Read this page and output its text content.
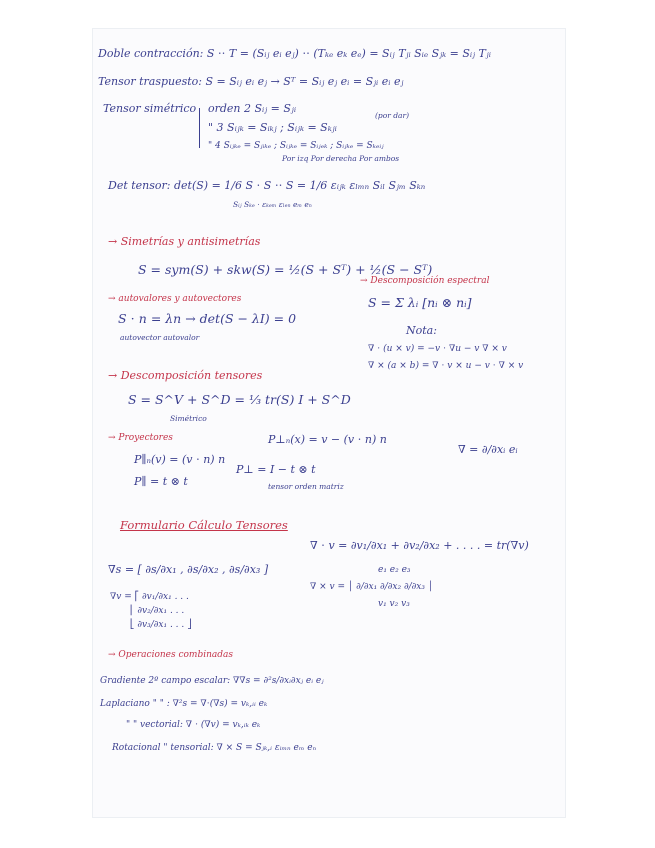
Doble contracción: S ⋅⋅ T = (Sᵢⱼ eᵢ eⱼ) ⋅⋅ (Tₖₑ eₖ eₑ) = Sᵢⱼ Tⱼᵢ Sᵢₑ Sⱼₖ = Sᵢⱼ Tⱼᵢ
Tensor traspuesto: S = Sᵢⱼ eᵢ eⱼ → Sᵀ = Sᵢⱼ eⱼ eᵢ = Sⱼᵢ eᵢ eⱼ
Tensor simétrico orden 2 Sᵢⱼ = Sⱼᵢ
(por dar)
" 3 Sᵢⱼₖ = Sᵢₖⱼ ; Sᵢⱼₖ = Sₖⱼᵢ
" 4 Sᵢⱼₖₑ = Sⱼᵢₖₑ ; Sᵢⱼₖₑ = Sᵢⱼₑₖ ; Sᵢⱼₖₑ = Sₖₑᵢⱼ
Por izq Por derecha Por ambos
Det tensor: det(S) = 1/6 S ⋅ S ⋅⋅ S = 1/6 εᵢⱼₖ εₗₘₙ Sᵢₗ Sⱼₘ Sₖₙ
Sᵢⱼ Sₖₑ ⋅ εₖₑₘ εₗₑₙ eₘ eₙ
→ Simetrías y antisimetrías
S = sym(S) + skw(S) = ½(S + Sᵀ) + ½(S − Sᵀ)
→ autovalores y autovectores
→ Descomposición espectral
S = Σ λᵢ [nᵢ ⊗ nᵢ]
S ⋅ n = λn → det(S − λI) = 0
autovector autovalor
Nota:
∇ ⋅ (u × v) = −v ⋅ ∇u − v ∇ × v
∇ × (a × b) = ∇ ⋅ v × u − v ⋅ ∇ × v
→ Descomposición tensores
S = S^V + S^D = ⅓ tr(S) I + S^D
Simétrico
→ Proyectores
P∥ₙ(v) = (v ⋅ n) n
P⊥ₙ(x) = v − (v ⋅ n) n
P∥ = t ⊗ t
P⊥ = I − t ⊗ t
tensor orden matriz
∇ = ∂/∂xᵢ eᵢ
Formulario Cálculo Tensores
∇s = [ ∂s/∂x₁ , ∂s/∂x₂ , ∂s/∂x₃ ]
∇ ⋅ v = ∂v₁/∂x₁ + ∂v₂/∂x₂ + . . . . = tr(∇v)
∇v = ⎡ ∂v₁/∂x₁ . . .
⎢ ∂v₂/∂x₁ . . .
⎣ ∂v₃/∂x₁ . . . ⎦
e₁ e₂ e₃
∇ × v = │ ∂/∂x₁ ∂/∂x₂ ∂/∂x₃ │
v₁ v₂ v₃
→ Operaciones combinadas
Gradiente 2º campo escalar: ∇∇s = ∂²s/∂xᵢ∂xⱼ eᵢ eⱼ
Laplaciano " " : ∇²s = ∇⋅(∇s) = vₖ,ᵢᵢ eₖ
" " vectorial: ∇ ⋅ (∇v) = vₖ,ᵢₖ eₖ
Rotacional " tensorial: ∇ × S = Sⱼₖ,ᵢ εᵢₘₙ eₘ eₙ
